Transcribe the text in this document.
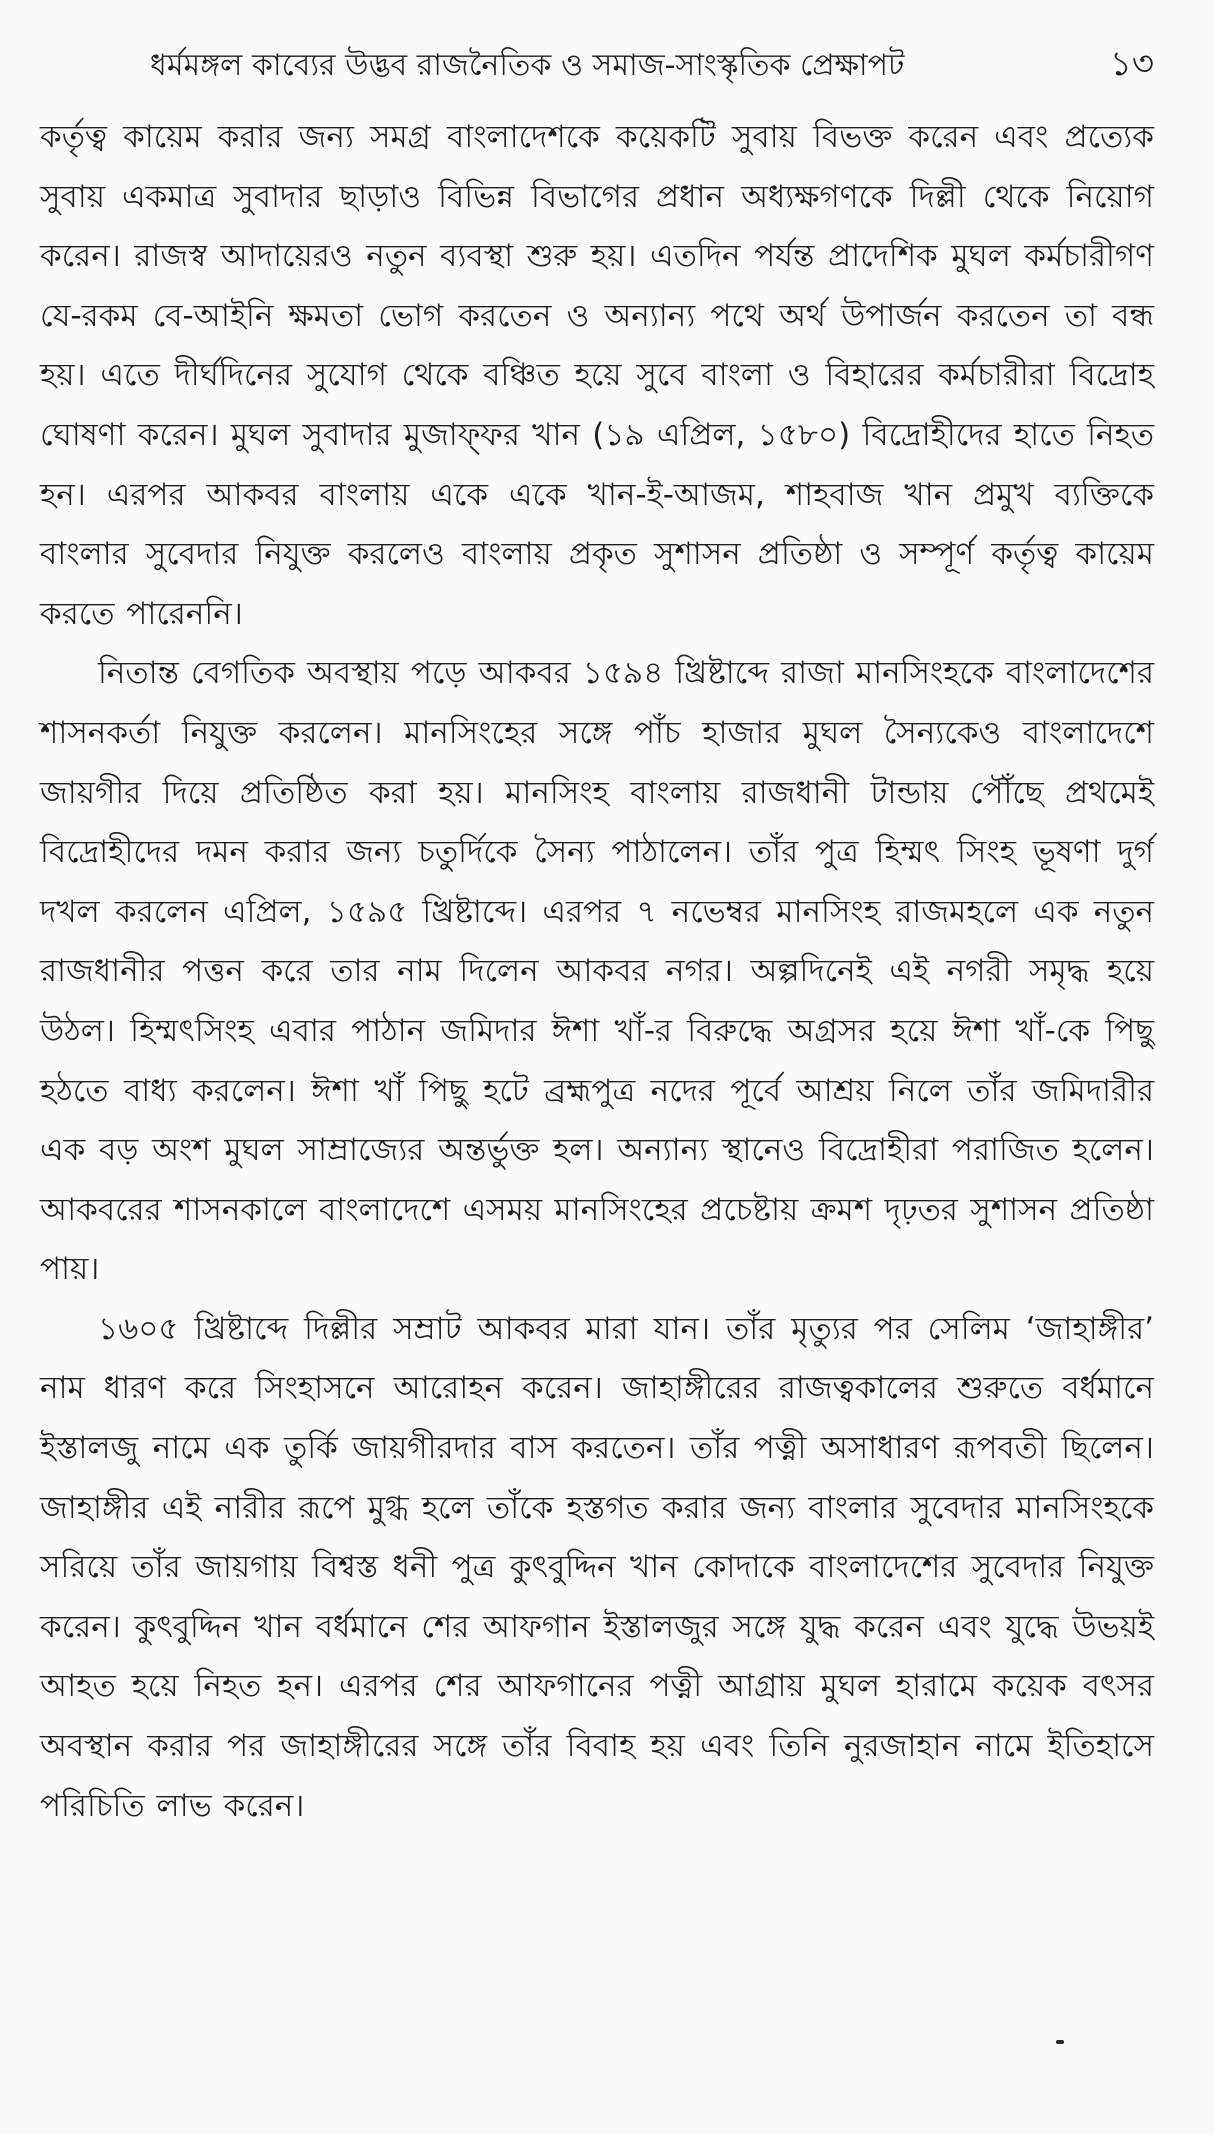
ধর্মমঙ্গল কাব্যের উদ্ভব রাজনৈতিক ও সমাজ-সাংস্কৃতিক প্রেক্ষাপট	১৩

কর্তৃত্ব কায়েম করার জন্য সমগ্র বাংলাদেশকে কয়েকটি সুবায় বিভক্ত করেন এবং প্রত্যেক সুবায় একমাত্র সুবাদার ছাড়াও বিভিন্ন বিভাগের প্রধান অধ্যক্ষগণকে দিল্লী থেকে নিয়োগ করেন। রাজস্ব আদায়েরও নতুন ব্যবস্থা শুরু হয়। এতদিন পর্যন্ত প্রাদেশিক মুঘল কর্মচারীগণ যে-রকম বে-আইনি ক্ষমতা ভোগ করতেন ও অন্যান্য পথে অর্থ উপার্জন করতেন তা বন্ধ হয়। এতে দীর্ঘদিনের সুযোগ থেকে বঞ্চিত হয়ে সুবে বাংলা ও বিহারের কর্মচারীরা বিদ্রোহ ঘোষণা করেন। মুঘল সুবাদার মুজাফ্‌ফর খান (১৯ এপ্রিল, ১৫৮০) বিদ্রোহীদের হাতে নিহত হন। এরপর আকবর বাংলায় একে একে খান-ই-আজম, শাহবাজ খান প্রমুখ ব্যক্তিকে বাংলার সুবেদার নিযুক্ত করলেও বাংলায় প্রকৃত সুশাসন প্রতিষ্ঠা ও সম্পূর্ণ কর্তৃত্ব কায়েম করতে পারেননি।

নিতান্ত বেগতিক অবস্থায় পড়ে আকবর ১৫৯৪ খ্রিষ্টাব্দে রাজা মানসিংহকে বাংলাদেশের শাসনকর্তা নিযুক্ত করলেন। মানসিংহের সঙ্গে পাঁচ হাজার মুঘল সৈন্যকেও বাংলাদেশে জায়গীর দিয়ে প্রতিষ্ঠিত করা হয়। মানসিংহ বাংলায় রাজধানী টান্ডায় পৌঁছে প্রথমেই বিদ্রোহীদের দমন করার জন্য চতুর্দিকে সৈন্য পাঠালেন। তাঁর পুত্র হিম্মৎ সিংহ ভূষণা দুর্গ দখল করলেন এপ্রিল, ১৫৯৫ খ্রিষ্টাব্দে। এরপর ৭ নভেম্বর মানসিংহ রাজমহলে এক নতুন রাজধানীর পত্তন করে তার নাম দিলেন আকবর নগর। অল্পদিনেই এই নগরী সমৃদ্ধ হয়ে উঠল। হিম্মৎসিংহ এবার পাঠান জমিদার ঈশা খাঁ-র বিরুদ্ধে অগ্রসর হয়ে ঈশা খাঁ-কে পিছু হঠতে বাধ্য করলেন। ঈশা খাঁ পিছু হটে ব্রহ্মপুত্র নদের পূর্বে আশ্রয় নিলে তাঁর জমিদারীর এক বড় অংশ মুঘল সাম্রাজ্যের অন্তর্ভুক্ত হল। অন্যান্য স্থানেও বিদ্রোহীরা পরাজিত হলেন। আকবরের শাসনকালে বাংলাদেশে এসময় মানসিংহের প্রচেষ্টায় ক্রমশ দৃঢ়তর সুশাসন প্রতিষ্ঠা পায়।

১৬০৫ খ্রিষ্টাব্দে দিল্লীর সম্রাট আকবর মারা যান। তাঁর মৃত্যুর পর সেলিম ‘জাহাঙ্গীর’ নাম ধারণ করে সিংহাসনে আরোহন করেন। জাহাঙ্গীরের রাজত্বকালের শুরুতে বর্ধমানে ইস্তালজু নামে এক তুর্কি জায়গীরদার বাস করতেন। তাঁর পত্নী অসাধারণ রূপবতী ছিলেন। জাহাঙ্গীর এই নারীর রূপে মুগ্ধ হলে তাঁকে হস্তগত করার জন্য বাংলার সুবেদার মানসিংহকে সরিয়ে তাঁর জায়গায় বিশ্বস্ত ধনী পুত্র কুৎবুদ্দিন খান কোদাকে বাংলাদেশের সুবেদার নিযুক্ত করেন। কুৎবুদ্দিন খান বর্ধমানে শের আফগান ইস্তালজুর সঙ্গে যুদ্ধ করেন এবং যুদ্ধে উভয়ই আহত হয়ে নিহত হন। এরপর শের আফগানের পত্নী আগ্রায় মুঘল হারামে কয়েক বৎসর অবস্থান করার পর জাহাঙ্গীরের সঙ্গে তাঁর বিবাহ হয় এবং তিনি নুরজাহান নামে ইতিহাসে পরিচিতি লাভ করেন।
